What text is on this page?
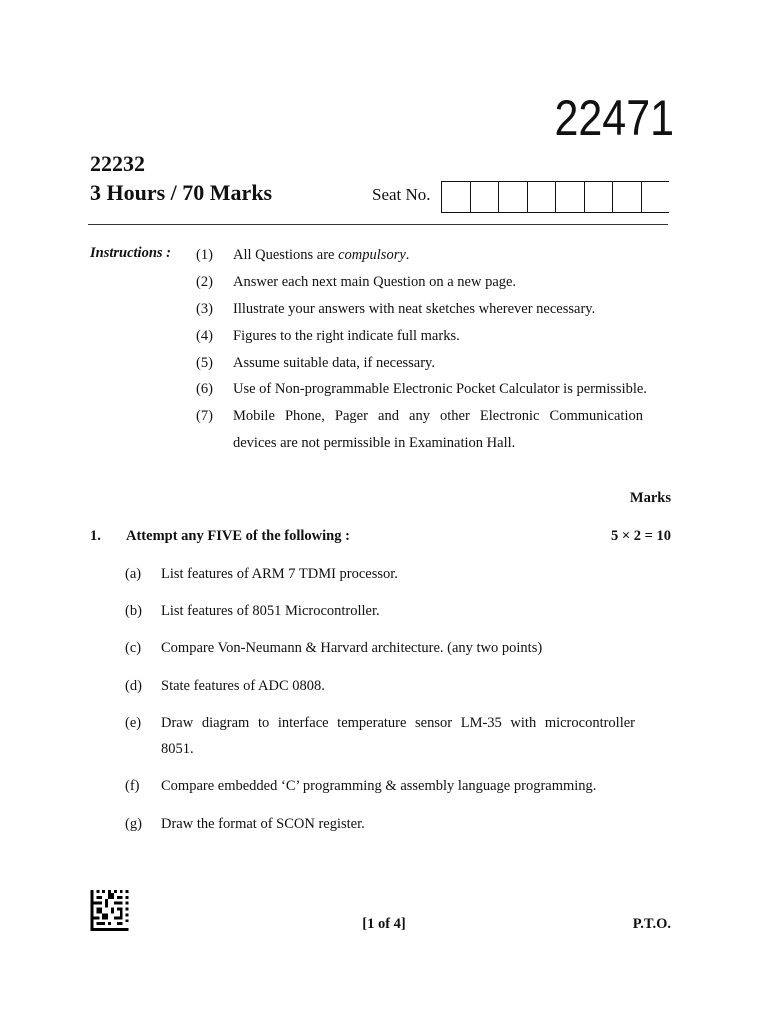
22471
22232
3 Hours / 70 Marks	Seat No.
Instructions : (1) All Questions are compulsory.
(2) Answer each next main Question on a new page.
(3) Illustrate your answers with neat sketches wherever necessary.
(4) Figures to the right indicate full marks.
(5) Assume suitable data, if necessary.
(6) Use of Non-programmable Electronic Pocket Calculator is permissible.
(7) Mobile Phone, Pager and any other Electronic Communication
devices are not permissible in Examination Hall.
Marks
1. Attempt any FIVE of the following :	5 × 2 = 10
(a) List features of ARM 7 TDMI processor.
(b) List features of 8051 Microcontroller.
(c) Compare Von-Neumann & Harvard architecture. (any two points)
(d) State features of ADC 0808.
(e) Draw diagram to interface temperature sensor LM-35 with microcontroller
8051.
(f) Compare embedded ‘C’ programming & assembly language programming.
(g) Draw the format of SCON register.
[1 of 4]	P.T.O.
